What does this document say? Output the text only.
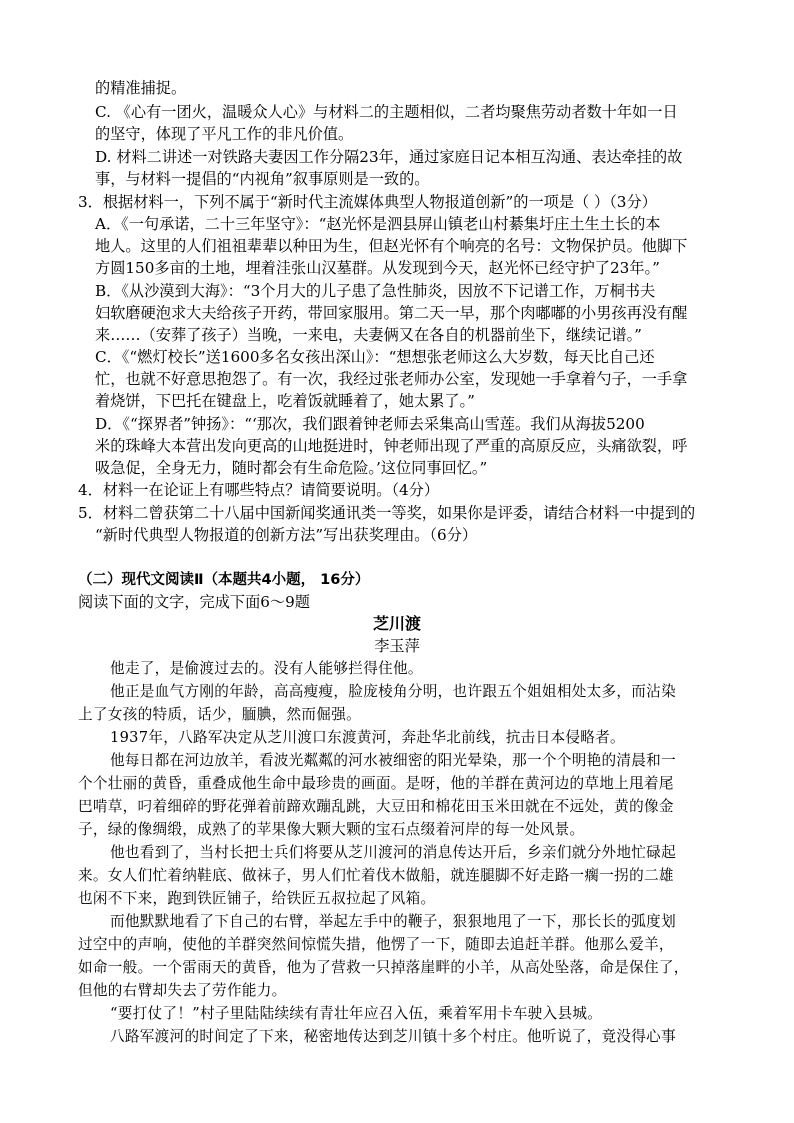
的精准捕捉。
C. 《心有一团火，温暖众人心》与材料二的主题相似，二者均聚焦劳动者数十年如一日
的坚守，体现了平凡工作的非凡价值。
D. 材料二讲述一对铁路夫妻因工作分隔23年，通过家庭日记本相互沟通、表达牵挂的故
事，与材料一提倡的“内视角”叙事原则是一致的。
3．根据材料一，下列不属于“新时代主流媒体典型人物报道创新”的一项是（ ）（3分）
A．《一句承诺，二十三年坚守》：“赵光怀是泗县屏山镇老山村綦集圩庄土生土长的本
地人。这里的人们祖祖辈辈以种田为生，但赵光怀有个响亮的名号：文物保护员。他脚下
方圆150多亩的土地，埋着洼张山汉墓群。从发现到今天，赵光怀已经守护了23年。”
B．《从沙漠到大海》：“3个月大的儿子患了急性肺炎，因放不下记谱工作，万桐书夫
妇软磨硬泡求大夫给孩子开药，带回家服用。第二天一早，那个肉嘟嘟的小男孩再没有醒
来……（安葬了孩子）当晚，一来电，夫妻俩又在各自的机器前坐下，继续记谱。”
C．《“燃灯校长”送1600多名女孩出深山》：“想想张老师这么大岁数，每天比自己还
忙，也就不好意思抱怨了。有一次，我经过张老师办公室，发现她一手拿着勺子，一手拿
着烧饼，下巴托在键盘上，吃着饭就睡着了，她太累了。”
D．《“探界者”钟扬》：“‘那次，我们跟着钟老师去采集高山雪莲。我们从海拔5200
米的珠峰大本营出发向更高的山地挺进时，钟老师出现了严重的高原反应，头痛欲裂，呼
吸急促，全身无力，随时都会有生命危险。’这位同事回忆。”
4．材料一在论证上有哪些特点？请简要说明。（4分）
5．材料二曾获第二十八届中国新闻奖通讯类一等奖，如果你是评委，请结合材料一中提到的
“新时代典型人物报道的创新方法”写出获奖理由。（6分）
（二）现代文阅读Ⅱ（本题共4小题， 16分）
阅读下面的文字，完成下面6～9题
芝川渡
李玉萍
他走了，是偷渡过去的。没有人能够拦得住他。
他正是血气方刚的年龄，高高瘦瘦，脸庞棱角分明，也许跟五个姐姐相处太多，而沾染
上了女孩的特质，话少，腼腆，然而倔强。
1937年，八路军决定从芝川渡口东渡黄河，奔赴华北前线，抗击日本侵略者。
他每日都在河边放羊，看波光粼粼的河水被细密的阳光晕染，那一个个明艳的清晨和一
个个壮丽的黄昏，重叠成他生命中最珍贵的画面。是呀，他的羊群在黄河边的草地上甩着尾
巴啃草，叼着细碎的野花弹着前蹄欢蹦乱跳，大豆田和棉花田玉米田就在不远处，黄的像金
子，绿的像绸缎，成熟了的苹果像大颗大颗的宝石点缀着河岸的每一处风景。
他也看到了，当村长把士兵们将要从芝川渡河的消息传达开后，乡亲们就分外地忙碌起
来。女人们忙着纳鞋底、做袜子，男人们忙着伐木做船，就连腿脚不好走路一瘸一拐的二雄
也闲不下来，跑到铁匠铺子，给铁匠五叔拉起了风箱。
而他默默地看了下自己的右臂，举起左手中的鞭子，狠狠地甩了一下，那长长的弧度划
过空中的声响，使他的羊群突然间惊慌失措，他愣了一下，随即去追赶羊群。他那么爱羊，
如命一般。一个雷雨天的黄昏，他为了营救一只掉落崖畔的小羊，从高处坠落，命是保住了，
但他的右臂却失去了劳作能力。
“要打仗了！”村子里陆陆续续有青壮年应召入伍，乘着军用卡车驶入县城。
八路军渡河的时间定了下来，秘密地传达到芝川镇十多个村庄。他听说了，竟没得心事
